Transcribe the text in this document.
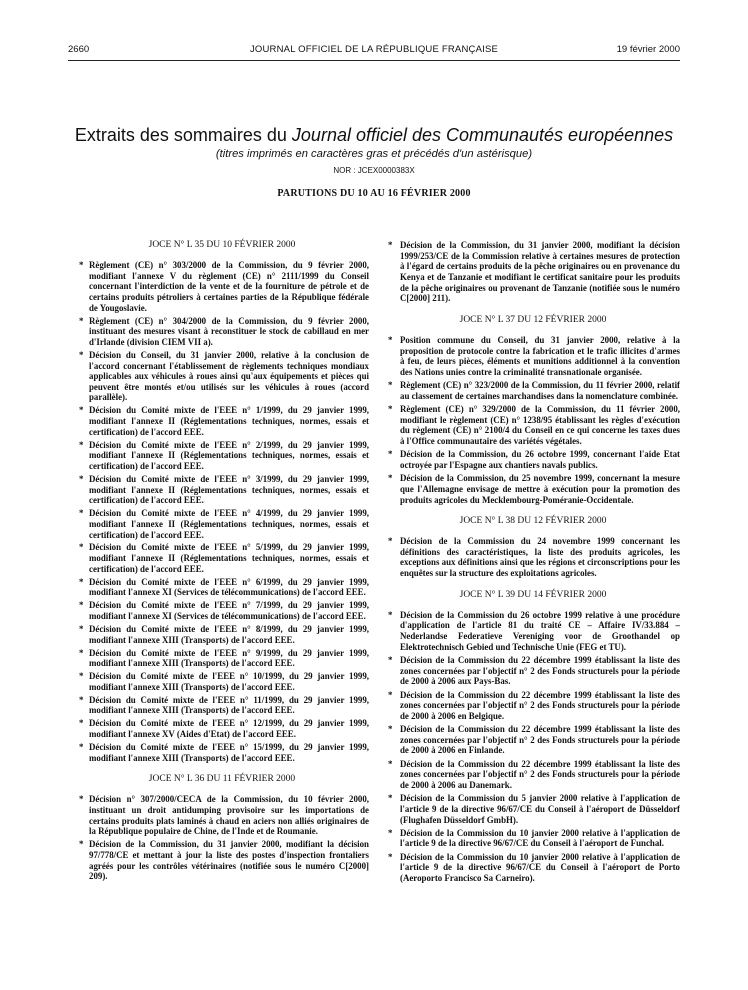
2660	JOURNAL OFFICIEL DE LA RÉPUBLIQUE FRANÇAISE	19 février 2000
Extraits des sommaires du Journal officiel des Communautés européennes
(titres imprimés en caractères gras et précédés d'un astérisque)
NOR : JCEX0000383X
PARUTIONS DU 10 AU 16 FÉVRIER 2000
JOCE N° L 35 DU 10 FÉVRIER 2000
* Règlement (CE) n° 303/2000 de la Commission, du 9 février 2000, modifiant l'annexe V du règlement (CE) n° 2111/1999 du Conseil concernant l'interdiction de la vente et de la fourniture de pétrole et de certains produits pétroliers à certaines parties de la République fédérale de Yougoslavie.
* Règlement (CE) n° 304/2000 de la Commission, du 9 février 2000, instituant des mesures visant à reconstituer le stock de cabillaud en mer d'Irlande (division CIEM VII a).
* Décision du Conseil, du 31 janvier 2000, relative à la conclusion de l'accord concernant l'établissement de règlements techniques mondiaux applicables aux véhicules à roues ainsi qu'aux équipements et pièces qui peuvent être montés et/ou utilisés sur les véhicules à roues (accord parallèle).
* Décision du Comité mixte de l'EEE n° 1/1999, du 29 janvier 1999, modifiant l'annexe II (Réglementations techniques, normes, essais et certification) de l'accord EEE.
* Décision du Comité mixte de l'EEE n° 2/1999, du 29 janvier 1999, modifiant l'annexe II (Réglementations techniques, normes, essais et certification) de l'accord EEE.
* Décision du Comité mixte de l'EEE n° 3/1999, du 29 janvier 1999, modifiant l'annexe II (Réglementations techniques, normes, essais et certification) de l'accord EEE.
* Décision du Comité mixte de l'EEE n° 4/1999, du 29 janvier 1999, modifiant l'annexe II (Réglementations techniques, normes, essais et certification) de l'accord EEE.
* Décision du Comité mixte de l'EEE n° 5/1999, du 29 janvier 1999, modifiant l'annexe II (Réglementations techniques, normes, essais et certification) de l'accord EEE.
* Décision du Comité mixte de l'EEE n° 6/1999, du 29 janvier 1999, modifiant l'annexe XI (Services de télécommunications) de l'accord EEE.
* Décision du Comité mixte de l'EEE n° 7/1999, du 29 janvier 1999, modifiant l'annexe XI (Services de télécommunications) de l'accord EEE.
* Décision du Comité mixte de l'EEE n° 8/1999, du 29 janvier 1999, modifiant l'annexe XIII (Transports) de l'accord EEE.
* Décision du Comité mixte de l'EEE n° 9/1999, du 29 janvier 1999, modifiant l'annexe XIII (Transports) de l'accord EEE.
* Décision du Comité mixte de l'EEE n° 10/1999, du 29 janvier 1999, modifiant l'annexe XIII (Transports) de l'accord EEE.
* Décision du Comité mixte de l'EEE n° 11/1999, du 29 janvier 1999, modifiant l'annexe XIII (Transports) de l'accord EEE.
* Décision du Comité mixte de l'EEE n° 12/1999, du 29 janvier 1999, modifiant l'annexe XV (Aides d'Etat) de l'accord EEE.
* Décision du Comité mixte de l'EEE n° 15/1999, du 29 janvier 1999, modifiant l'annexe XIII (Transports) de l'accord EEE.
JOCE N° L 36 DU 11 FÉVRIER 2000
* Décision n° 307/2000/CECA de la Commission, du 10 février 2000, instituant un droit antidumping provisoire sur les importations de certains produits plats laminés à chaud en aciers non alliés originaires de la République populaire de Chine, de l'Inde et de Roumanie.
* Décision de la Commission, du 31 janvier 2000, modifiant la décision 97/778/CE et mettant à jour la liste des postes d'inspection frontaliers agréés pour les contrôles vétérinaires (notifiée sous le numéro C[2000] 209).
* Décision de la Commission, du 31 janvier 2000, modifiant la décision 1999/253/CE de la Commission relative à certaines mesures de protection à l'égard de certains produits de la pêche originaires ou en provenance du Kenya et de Tanzanie et modifiant le certificat sanitaire pour les produits de la pêche originaires ou provenant de Tanzanie (notifiée sous le numéro C[2000] 211).
JOCE N° L 37 DU 12 FÉVRIER 2000
* Position commune du Conseil, du 31 janvier 2000, relative à la proposition de protocole contre la fabrication et le trafic illicites d'armes à feu, de leurs pièces, éléments et munitions additionnel à la convention des Nations unies contre la criminalité transnationale organisée.
* Règlement (CE) n° 323/2000 de la Commission, du 11 février 2000, relatif au classement de certaines marchandises dans la nomenclature combinée.
* Règlement (CE) n° 329/2000 de la Commission, du 11 février 2000, modifiant le règlement (CE) n° 1238/95 établissant les règles d'exécution du règlement (CE) n° 2100/4 du Conseil en ce qui concerne les taxes dues à l'Office communautaire des variétés végétales.
* Décision de la Commission, du 26 octobre 1999, concernant l'aide Etat octroyée par l'Espagne aux chantiers navals publics.
* Décision de la Commission, du 25 novembre 1999, concernant la mesure que l'Allemagne envisage de mettre à exécution pour la promotion des produits agricoles du Mecklembourg-Poméranie-Occidentale.
JOCE N° L 38 DU 12 FÉVRIER 2000
* Décision de la Commission du 24 novembre 1999 concernant les définitions des caractéristiques, la liste des produits agricoles, les exceptions aux définitions ainsi que les régions et circonscriptions pour les enquêtes sur la structure des exploitations agricoles.
JOCE N° L 39 DU 14 FÉVRIER 2000
* Décision de la Commission du 26 octobre 1999 relative à une procédure d'application de l'article 81 du traité CE – Affaire IV/33.884 – Nederlandse Federatieve Vereniging voor de Groothandel op Elektrotechnisch Gebied und Technische Unie (FEG et TU).
* Décision de la Commission du 22 décembre 1999 établissant la liste des zones concernées par l'objectif n° 2 des Fonds structurels pour la période de 2000 à 2006 aux Pays-Bas.
* Décision de la Commission du 22 décembre 1999 établissant la liste des zones concernées par l'objectif n° 2 des Fonds structurels pour la période de 2000 à 2006 en Belgique.
* Décision de la Commission du 22 décembre 1999 établissant la liste des zones concernées par l'objectif n° 2 des Fonds structurels pour la période de 2000 à 2006 en Finlande.
* Décision de la Commission du 22 décembre 1999 établissant la liste des zones concernées par l'objectif n° 2 des Fonds structurels pour la période de 2000 à 2006 au Danemark.
* Décision de la Commission du 5 janvier 2000 relative à l'application de l'article 9 de la directive 96/67/CE du Conseil à l'aéroport de Düsseldorf (Flughafen Düsseldorf GmbH).
* Décision de la Commission du 10 janvier 2000 relative à l'application de l'article 9 de la directive 96/67/CE du Conseil à l'aéroport de Funchal.
* Décision de la Commission du 10 janvier 2000 relative à l'application de l'article 9 de la directive 96/67/CE du Conseil à l'aéroport de Porto (Aeroporto Francisco Sa Carneiro).
